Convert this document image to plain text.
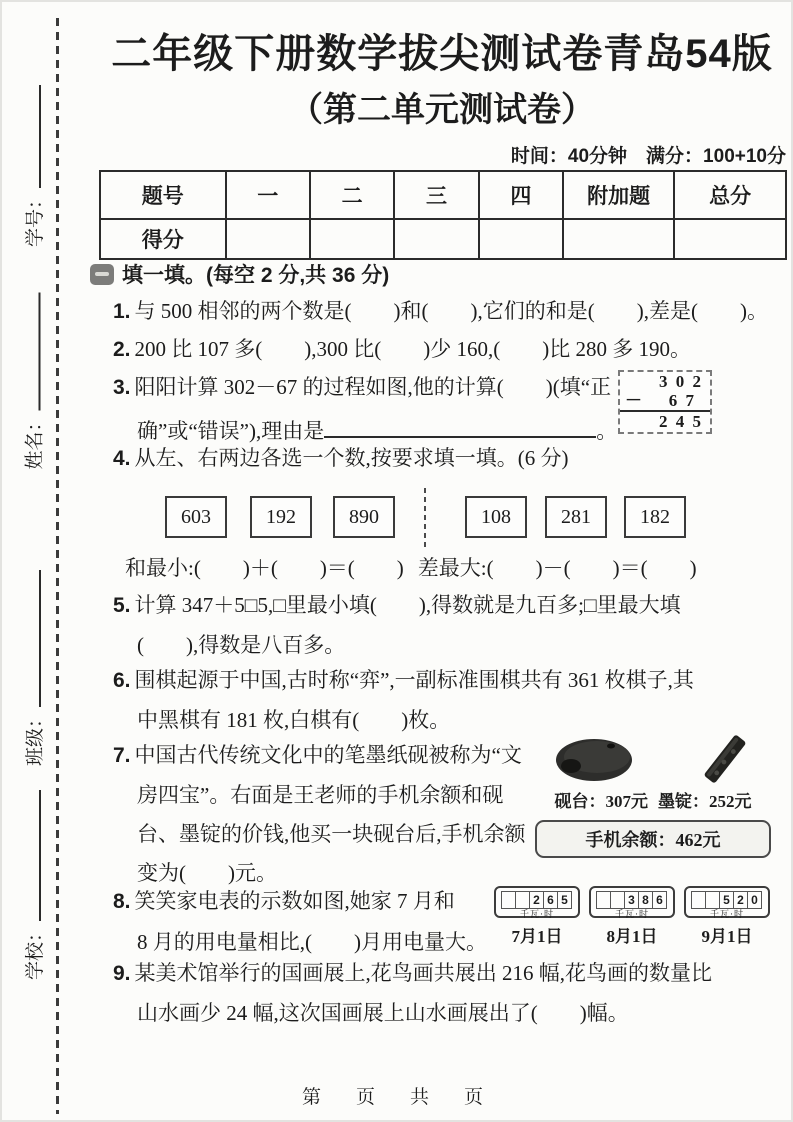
学号：
姓名：
班级：
学校：
二年级下册数学拔尖测试卷青岛54版
（第二单元测试卷）
时间：40分钟　满分：100+10分
题号	一	二	三	四	附加题	总分
得分						
填一填。(每空 2 分,共 36 分)
1. 与 500 相邻的两个数是(　　)和(　　),它们的和是(　　),差是(　　)。
2. 200 比 107 多(　　),300 比(　　)少 160,(　　)比 280 多 190。
3. 阳阳计算 302－67 的过程如图,他的计算(　　)(填“正
确”或“错误”),理由是	。
3 0 2
－ 6 7
2 4 5
4. 从左、右两边各选一个数,按要求填一填。(6 分)
603	192	890	108	281	182
和最小:(　　)＋(　　)＝(　　) 差最大:(　　)－(　　)＝(　　)
5. 计算 347＋5□5,□里最小填(　　),得数就是九百多;□里最大填
(　　),得数是八百多。
6. 围棋起源于中国,古时称“弈”,一副标准围棋共有 361 枚棋子,其
中黑棋有 181 枚,白棋有(　　)枚。
7. 中国古代传统文化中的笔墨纸砚被称为“文
房四宝”。右面是王老师的手机余额和砚
台、墨锭的价钱,他买一块砚台后,手机余额
变为(　　)元。
砚台：307元 墨锭：252元
手机余额：462元
8. 笑笑家电表的示数如图,她家 7 月和
8 月的用电量相比,(　　)月用电量大。
2 6 5
千瓦·时
7月1日
3 8 6
千瓦·时
8月1日
5 2 0
千瓦·时
9月1日
9. 某美术馆举行的国画展上,花鸟画共展出 216 幅,花鸟画的数量比
山水画少 24 幅,这次国画展上山水画展出了(　　)幅。
第　页　共　页
